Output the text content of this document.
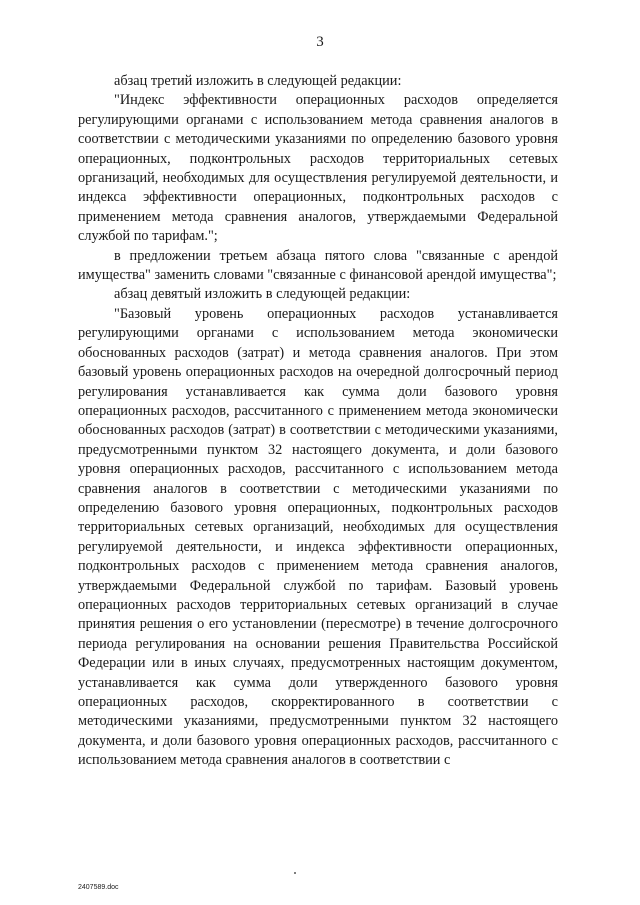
3

абзац третий изложить в следующей редакции:

"Индекс эффективности операционных расходов определяется регулирующими органами с использованием метода сравнения аналогов в соответствии с методическими указаниями по определению базового уровня операционных, подконтрольных расходов территориальных сетевых организаций, необходимых для осуществления регулируемой деятельности, и индекса эффективности операционных, подконтрольных расходов с применением метода сравнения аналогов, утверждаемыми Федеральной службой по тарифам.";

в предложении третьем абзаца пятого слова "связанные с арендой имущества" заменить словами "связанные с финансовой арендой имущества";

абзац девятый изложить в следующей редакции:

"Базовый уровень операционных расходов устанавливается регулирующими органами с использованием метода экономически обоснованных расходов (затрат) и метода сравнения аналогов. При этом базовый уровень операционных расходов на очередной долгосрочный период регулирования устанавливается как сумма доли базового уровня операционных расходов, рассчитанного с применением метода экономически обоснованных расходов (затрат) в соответствии с методическими указаниями, предусмотренными пунктом 32 настоящего документа, и доли базового уровня операционных расходов, рассчитанного с использованием метода сравнения аналогов в соответствии с методическими указаниями по определению базового уровня операционных, подконтрольных расходов территориальных сетевых организаций, необходимых для осуществления регулируемой деятельности, и индекса эффективности операционных, подконтрольных расходов с применением метода сравнения аналогов, утверждаемыми Федеральной службой по тарифам. Базовый уровень операционных расходов территориальных сетевых организаций в случае принятия решения о его установлении (пересмотре) в течение долгосрочного периода регулирования на основании решения Правительства Российской Федерации или в иных случаях, предусмотренных настоящим документом, устанавливается как сумма доли утвержденного базового уровня операционных расходов, скорректированного в соответствии с методическими указаниями, предусмотренными пунктом 32 настоящего документа, и доли базового уровня операционных расходов, рассчитанного с использованием метода сравнения аналогов в соответствии с

2407589.doc
